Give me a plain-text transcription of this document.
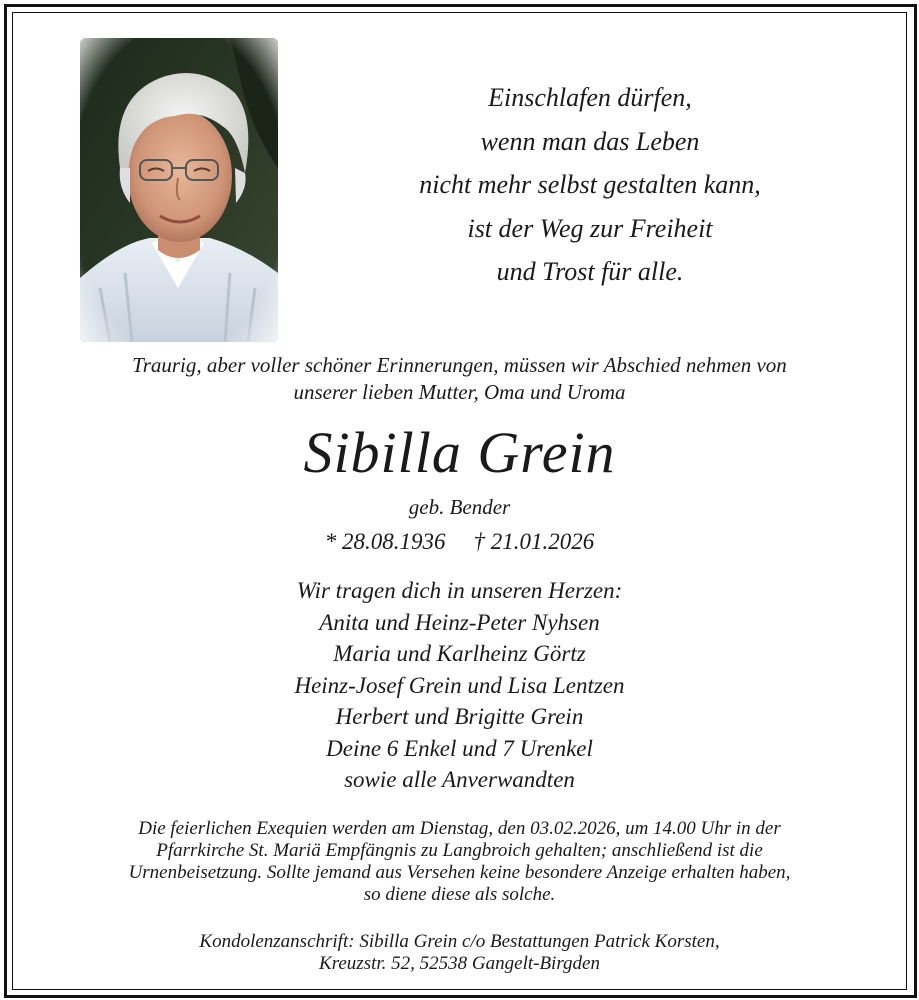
Einschlafen dürfen,
wenn man das Leben
nicht mehr selbst gestalten kann,
ist der Weg zur Freiheit
und Trost für alle.
Traurig, aber voller schöner Erinnerungen, müssen wir Abschied nehmen von
unserer lieben Mutter, Oma und Uroma
Sibilla Grein
geb. Bender
* 28.08.1936 † 21.01.2026
Wir tragen dich in unseren Herzen:
Anita und Heinz-Peter Nyhsen
Maria und Karlheinz Görtz
Heinz-Josef Grein und Lisa Lentzen
Herbert und Brigitte Grein
Deine 6 Enkel und 7 Urenkel
sowie alle Anverwandten
Die feierlichen Exequien werden am Dienstag, den 03.02.2026, um 14.00 Uhr in der
Pfarrkirche St. Mariä Empfängnis zu Langbroich gehalten; anschließend ist die
Urnenbeisetzung. Sollte jemand aus Versehen keine besondere Anzeige erhalten haben,
so diene diese als solche.
Kondolenzanschrift: Sibilla Grein c/o Bestattungen Patrick Korsten,
Kreuzstr. 52, 52538 Gangelt-Birgden
